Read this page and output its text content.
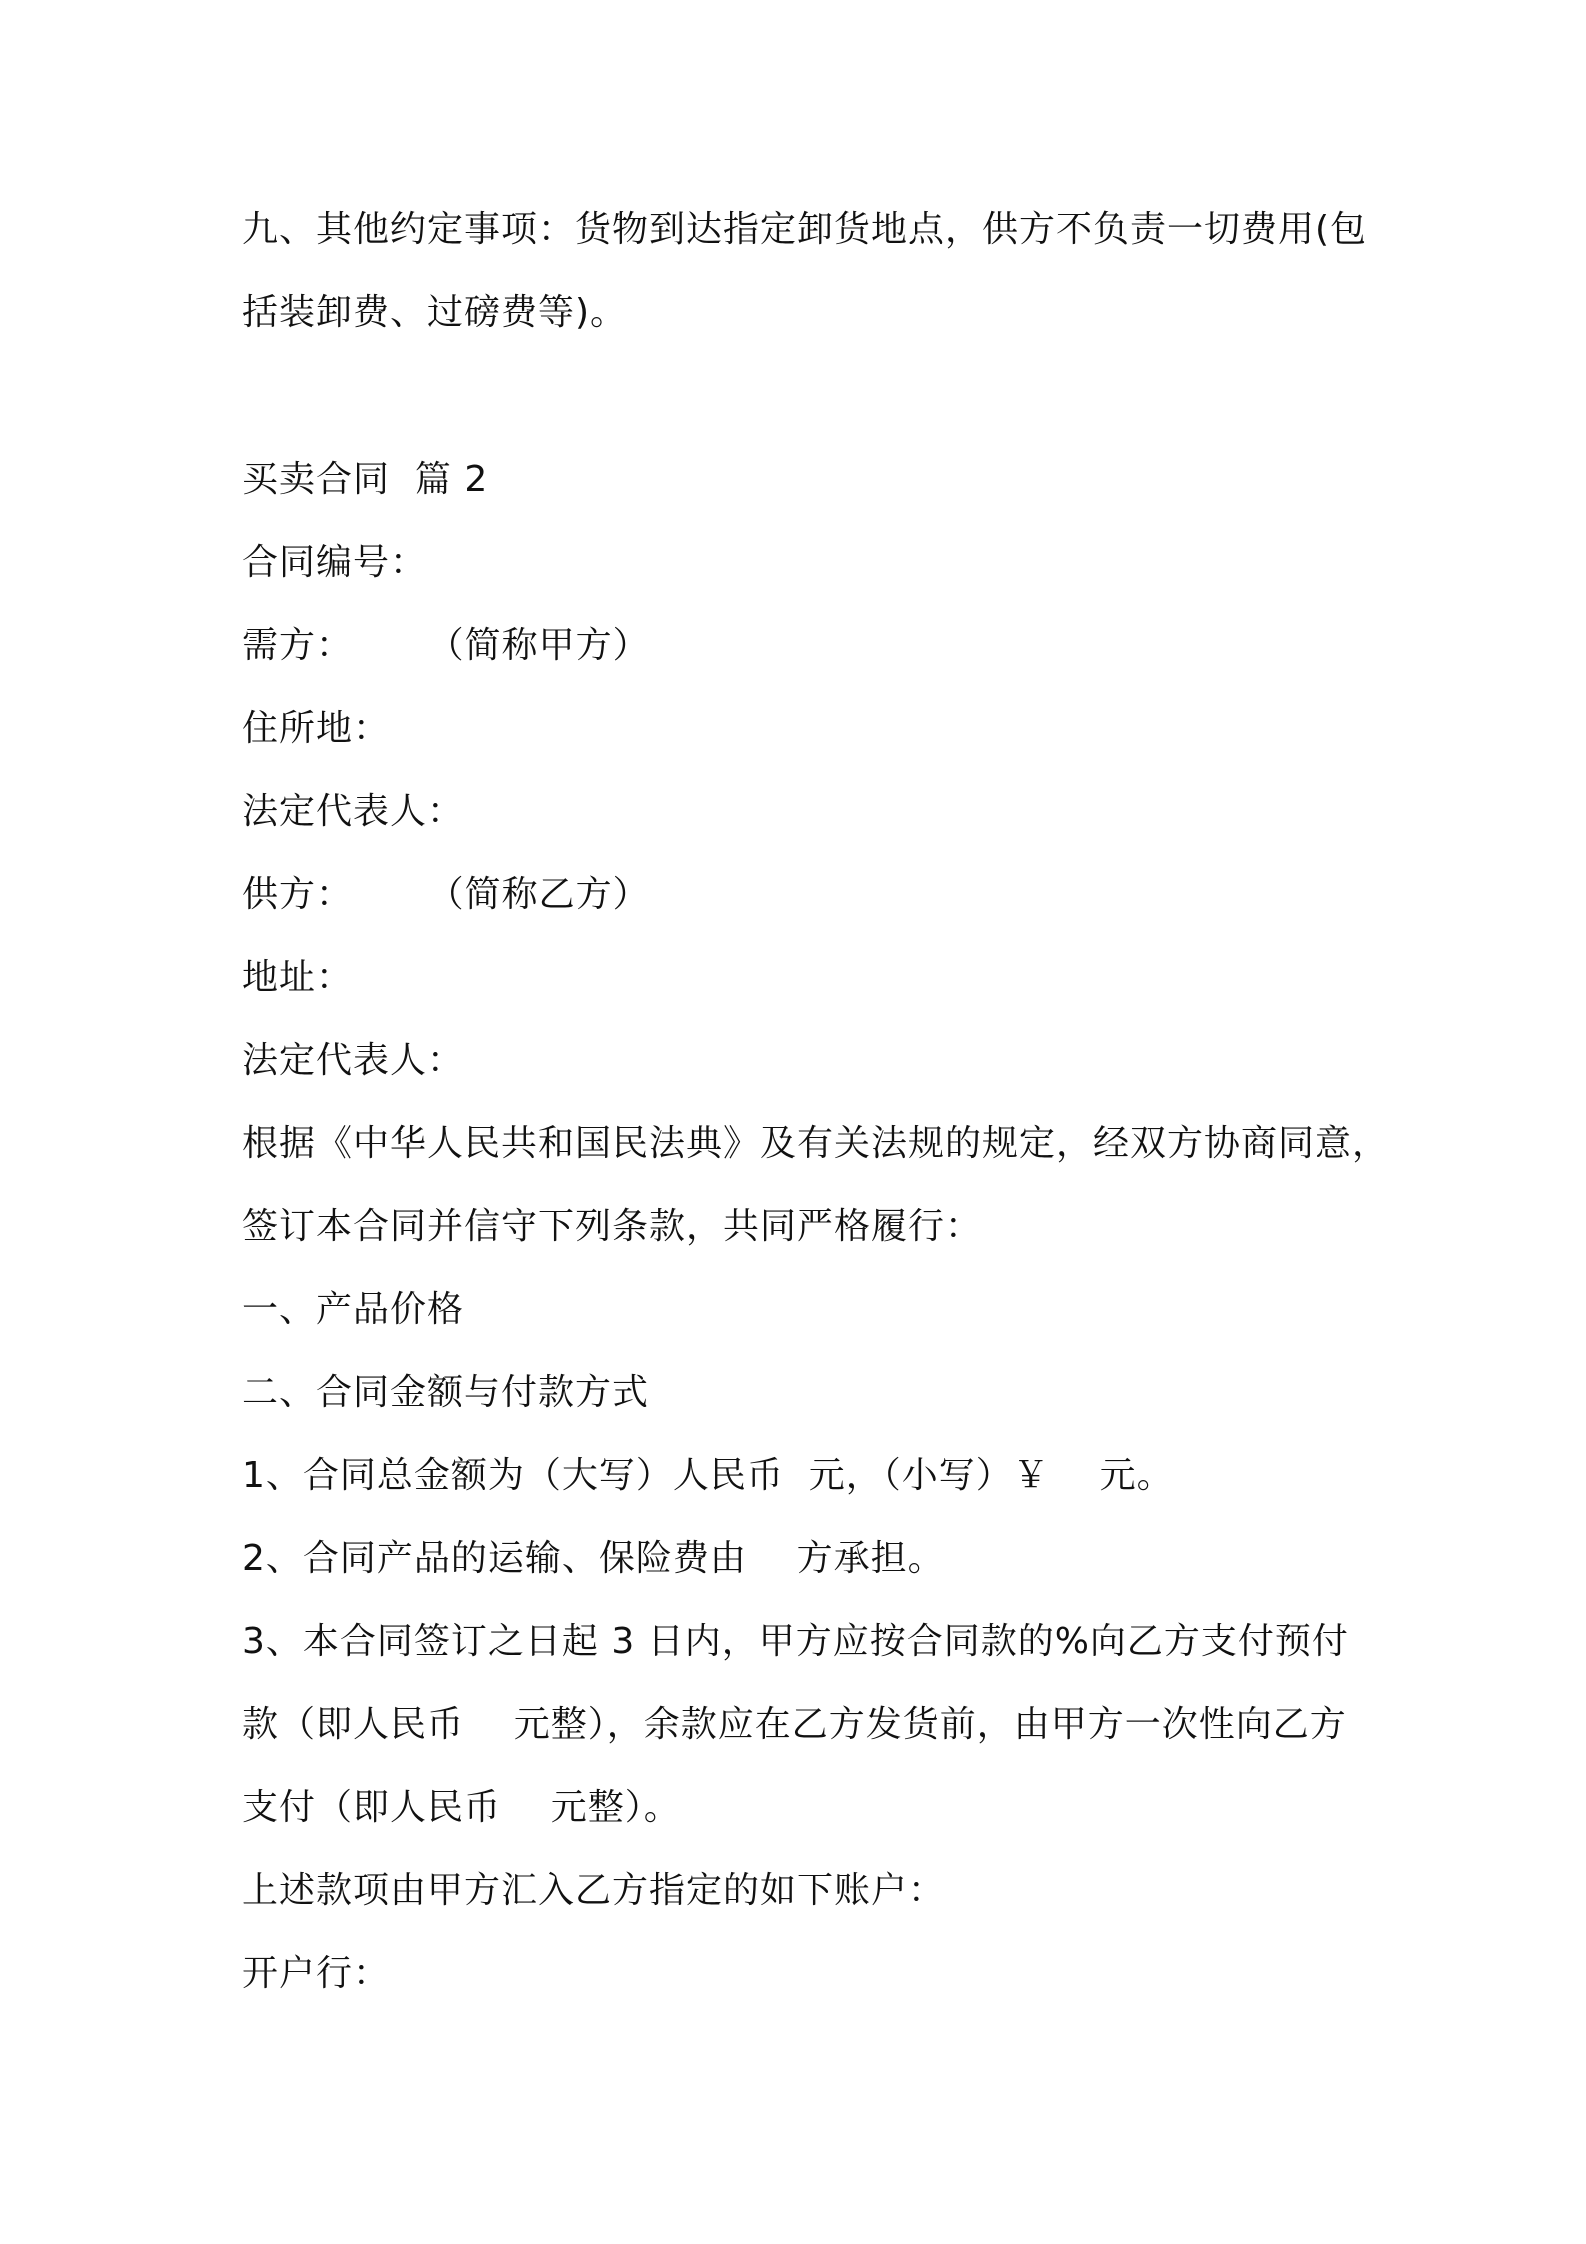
九、其他约定事项：货物到达指定卸货地点，供方不负责一切费用(包
括装卸费、过磅费等)。
买卖合同  篇 2
合同编号：
需方：      （简称甲方）
住所地：
法定代表人：
供方：      （简称乙方）
地址：
法定代表人：
根据《中华人民共和国民法典》及有关法规的规定，经双方协商同意，
签订本合同并信守下列条款，共同严格履行：
一、产品价格
二、合同金额与付款方式
1、合同总金额为（大写）人民币  元，（小写）￥    元。
2、合同产品的运输、保险费由    方承担。
3、本合同签订之日起 3 日内，甲方应按合同款的%向乙方支付预付
款（即人民币    元整），余款应在乙方发货前，由甲方一次性向乙方
支付（即人民币    元整）。
上述款项由甲方汇入乙方指定的如下账户：
开户行：
